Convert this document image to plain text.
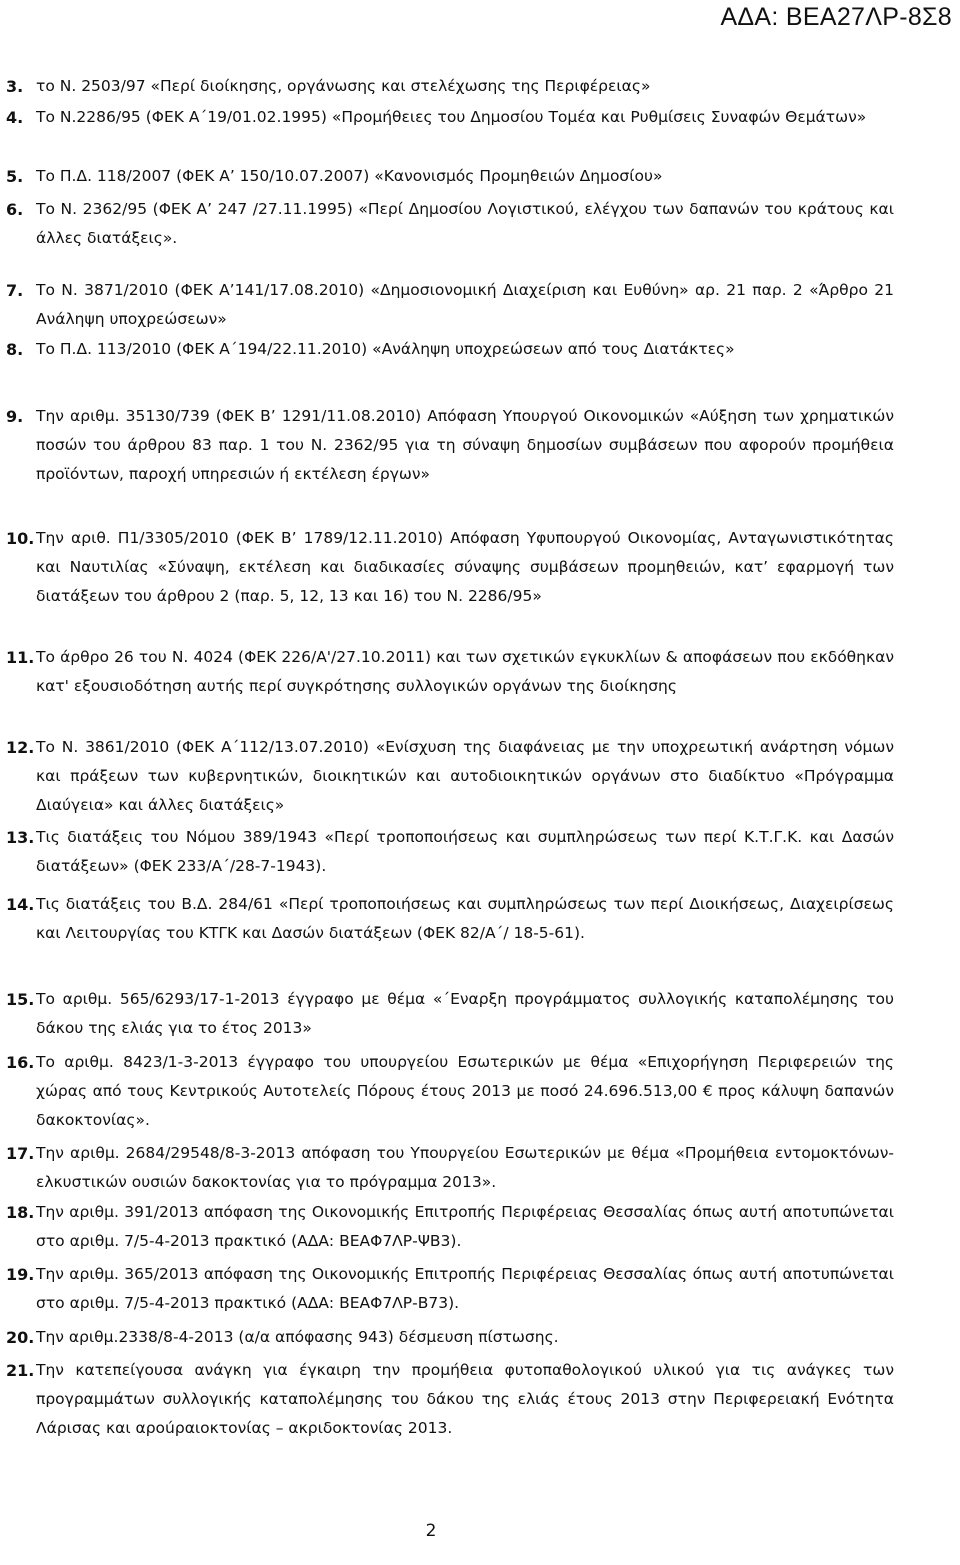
ΑΔΑ: ΒΕΑ27ΛΡ-8Σ8
3. το Ν. 2503/97 «Περί διοίκησης, οργάνωσης και στελέχωσης της Περιφέρειας»
4. Το Ν.2286/95 (ΦΕΚ Α΄19/01.02.1995) «Προμήθειες του Δημοσίου Τομέα και Ρυθμίσεις Συναφών Θεμάτων»
5. Το Π.Δ. 118/2007 (ΦΕΚ Α’ 150/10.07.2007) «Κανονισμός Προμηθειών Δημοσίου»
6. Το Ν. 2362/95 (ΦΕΚ Α’ 247 /27.11.1995) «Περί Δημοσίου Λογιστικού, ελέγχου των δαπανών του κράτους και άλλες διατάξεις».
7. Το Ν. 3871/2010 (ΦΕΚ Α’141/17.08.2010) «Δημοσιονομική Διαχείριση και Ευθύνη» αρ. 21 παρ. 2 «Άρθρο 21 Ανάληψη υποχρεώσεων»
8. Το Π.Δ. 113/2010 (ΦΕΚ Α΄194/22.11.2010) «Ανάληψη υποχρεώσεων από τους Διατάκτες»
9. Την αριθμ. 35130/739 (ΦΕΚ Β’ 1291/11.08.2010) Απόφαση Υπουργού Οικονομικών «Αύξηση των χρηματικών ποσών του άρθρου 83 παρ. 1 του Ν. 2362/95 για τη σύναψη δημοσίων συμβάσεων που αφορούν προμήθεια προϊόντων, παροχή υπηρεσιών ή εκτέλεση έργων»
10. Την αριθ. Π1/3305/2010 (ΦΕΚ Β’ 1789/12.11.2010) Απόφαση Υφυπουργού Οικονομίας, Ανταγωνιστικότητας και Ναυτιλίας «Σύναψη, εκτέλεση και διαδικασίες σύναψης συμβάσεων προμηθειών, κατ’ εφαρμογή των διατάξεων του άρθρου 2 (παρ. 5, 12, 13 και 16) του Ν. 2286/95»
11. Το άρθρο 26 του Ν. 4024 (ΦΕΚ 226/Α'/27.10.2011) και των σχετικών εγκυκλίων & αποφάσεων που εκδόθηκαν κατ' εξουσιοδότηση αυτής περί συγκρότησης συλλογικών οργάνων της διοίκησης
12. Το Ν. 3861/2010 (ΦΕΚ Α΄112/13.07.2010) «Ενίσχυση της διαφάνειας με την υποχρεωτική ανάρτηση νόμων και πράξεων των κυβερνητικών, διοικητικών και αυτοδιοικητικών οργάνων στο διαδίκτυο «Πρόγραμμα Διαύγεια» και άλλες διατάξεις»
13. Τις διατάξεις του Νόμου 389/1943 «Περί τροποποιήσεως και συμπληρώσεως των περί Κ.Τ.Γ.Κ. και Δασών διατάξεων» (ΦΕΚ 233/Α΄/28-7-1943).
14. Τις διατάξεις του Β.Δ. 284/61 «Περί τροποποιήσεως και συμπληρώσεως των περί Διοικήσεως, Διαχειρίσεως και Λειτουργίας του ΚΤΓΚ και Δασών διατάξεων (ΦΕΚ 82/Α΄/ 18-5-61).
15. Το αριθμ. 565/6293/17-1-2013 έγγραφο με θέμα «΄Εναρξη προγράμματος συλλογικής καταπολέμησης του δάκου της ελιάς για το έτος 2013»
16. Το αριθμ. 8423/1-3-2013 έγγραφο του υπουργείου Εσωτερικών με θέμα «Επιχορήγηση Περιφερειών της χώρας από τους Κεντρικούς Αυτοτελείς Πόρους έτους 2013 με ποσό 24.696.513,00 € προς κάλυψη δαπανών δακοκτονίας».
17. Την αριθμ. 2684/29548/8-3-2013 απόφαση του Υπουργείου Εσωτερικών με θέμα «Προμήθεια εντομοκτόνων- ελκυστικών ουσιών δακοκτονίας για το πρόγραμμα 2013».
18. Την αριθμ. 391/2013 απόφαση της Οικονομικής Επιτροπής Περιφέρειας Θεσσαλίας όπως αυτή αποτυπώνεται στο αριθμ. 7/5-4-2013 πρακτικό (ΑΔΑ: ΒΕΑΦ7ΛΡ-ΨΒ3).
19. Την αριθμ. 365/2013 απόφαση της Οικονομικής Επιτροπής Περιφέρειας Θεσσαλίας όπως αυτή αποτυπώνεται στο αριθμ. 7/5-4-2013 πρακτικό (ΑΔΑ: ΒΕΑΦ7ΛΡ-Β73).
20. Την αριθμ.2338/8-4-2013 (α/α απόφασης 943) δέσμευση πίστωσης.
21. Την κατεπείγουσα ανάγκη για έγκαιρη την προμήθεια φυτοπαθολογικού υλικού για τις ανάγκες των προγραμμάτων συλλογικής καταπολέμησης του δάκου της ελιάς έτους 2013 στην Περιφερειακή Ενότητα Λάρισας και αροúραιοκτονίας – ακριδοκτονίας 2013.
2
